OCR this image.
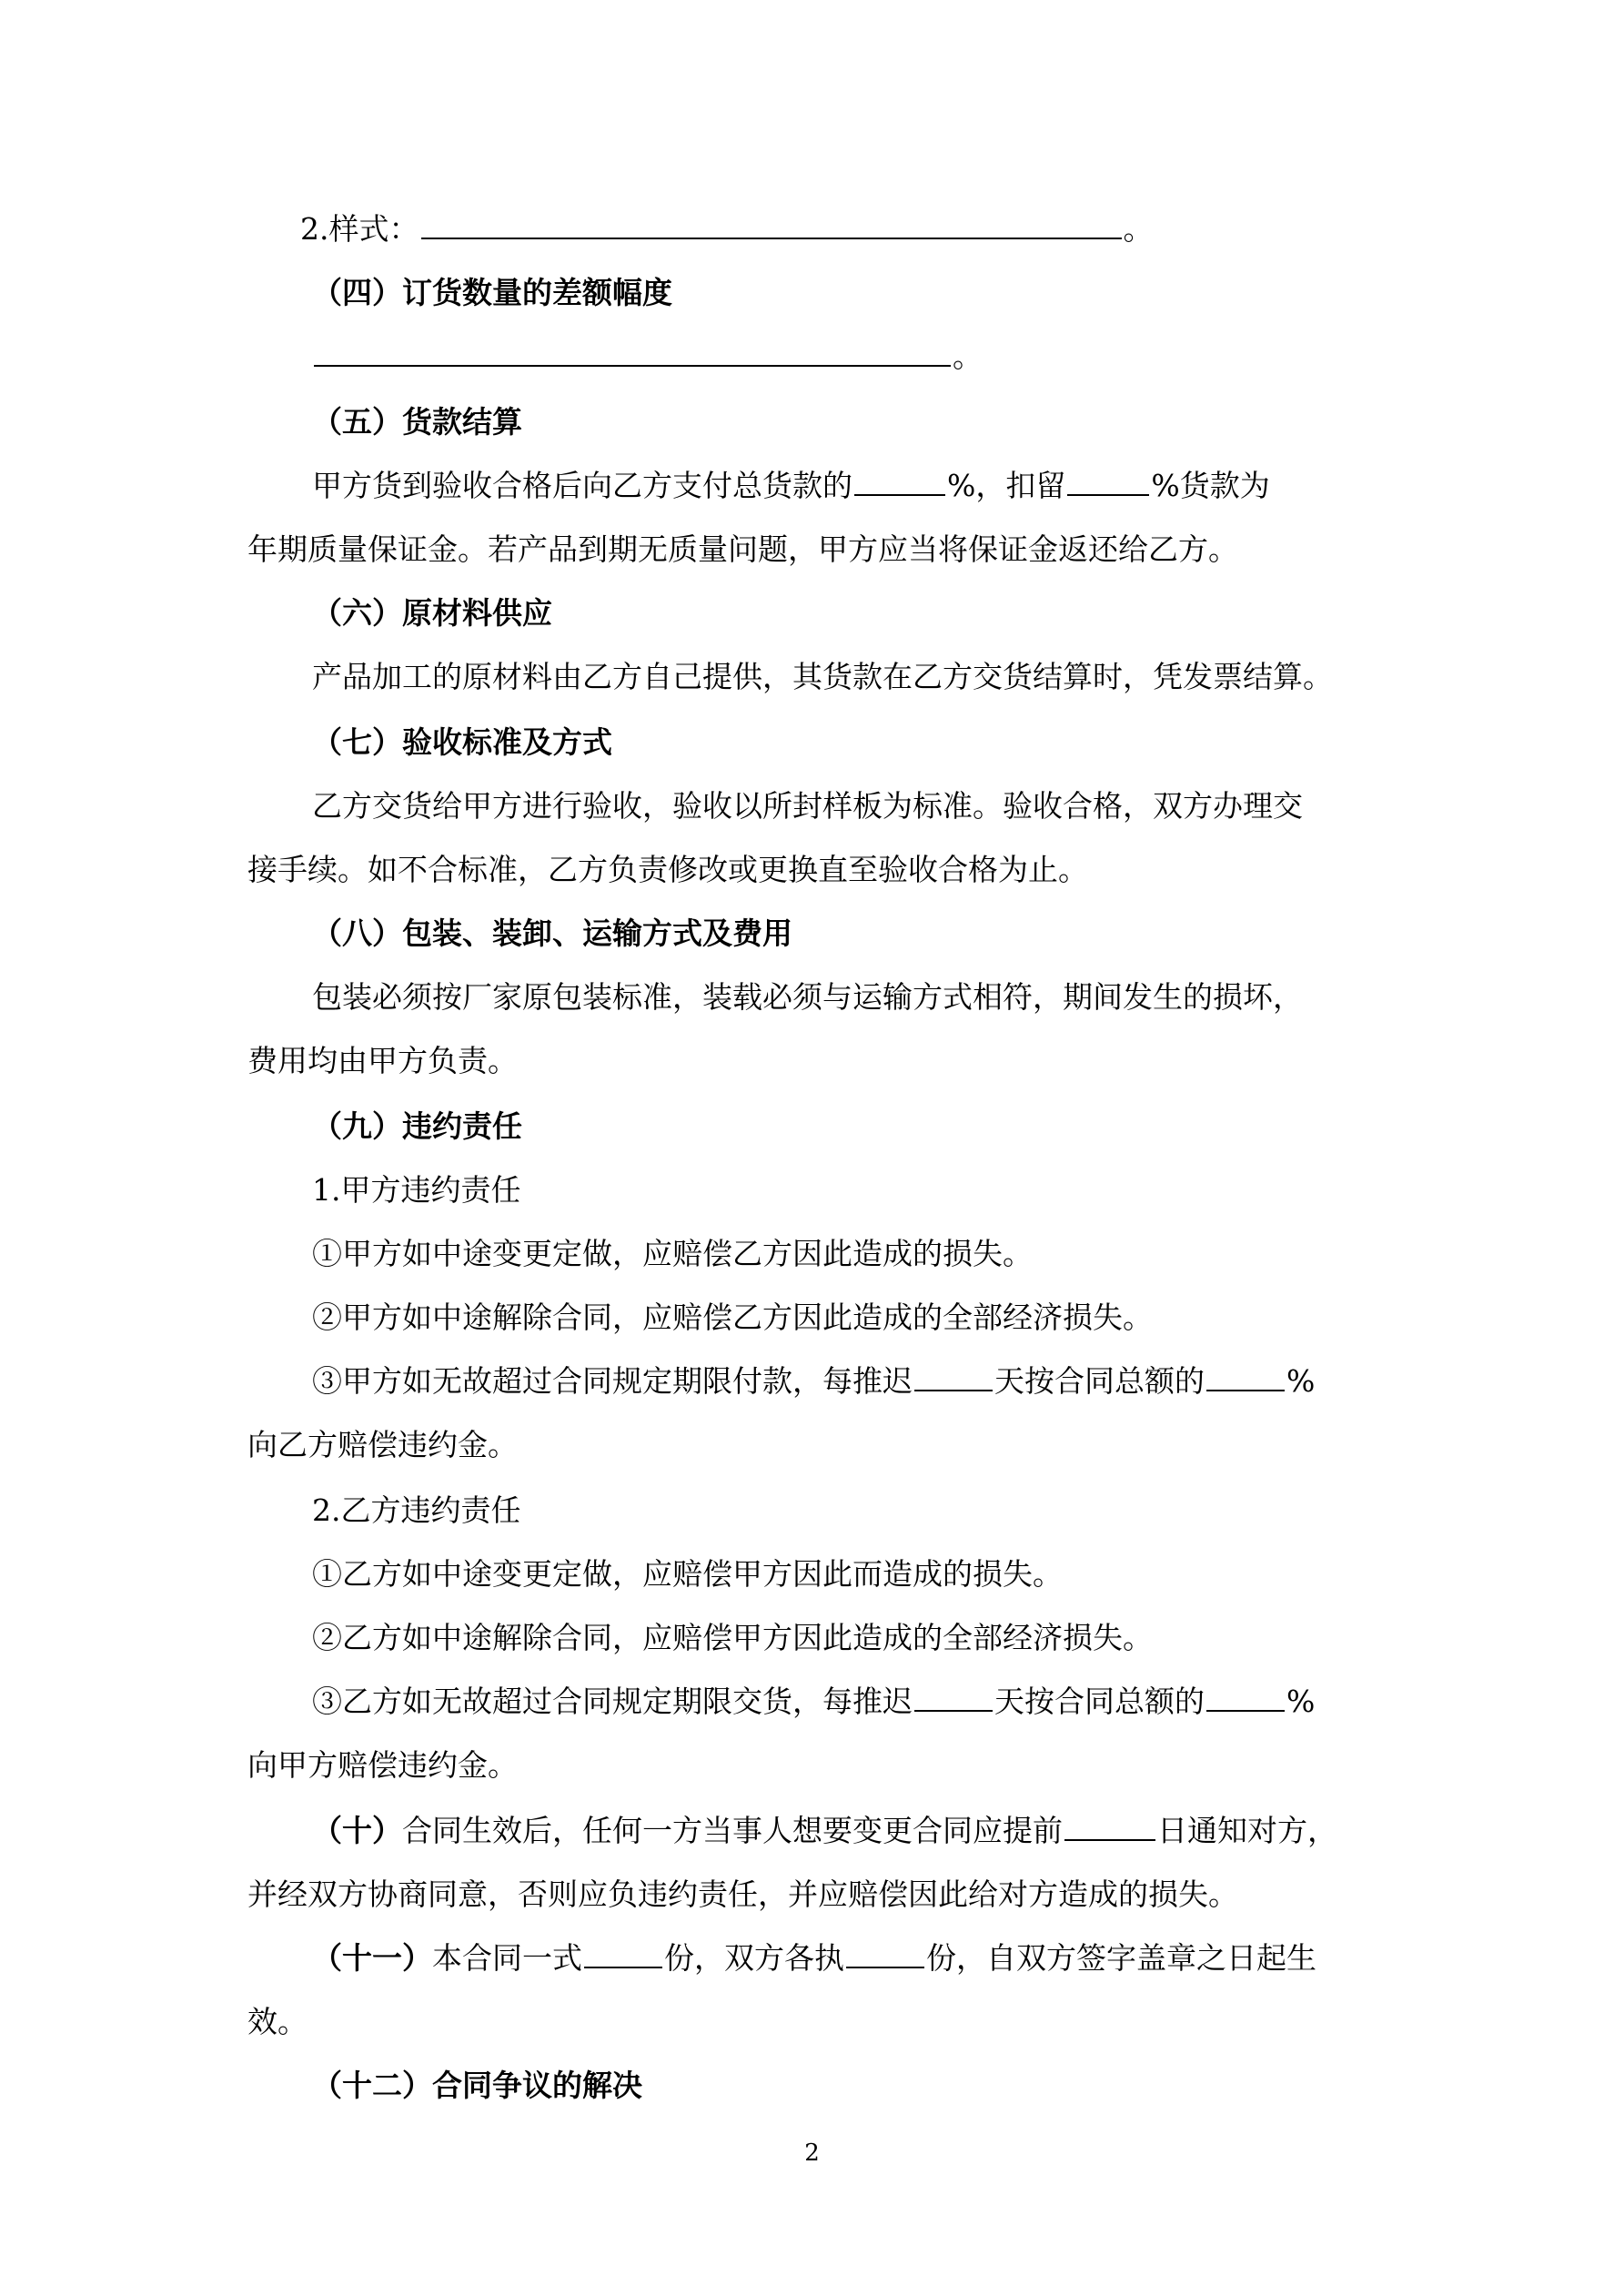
2.样式：	。

（四）订货数量的差额幅度

。

（五）货款结算

甲方货到验收合格后向乙方支付总货款的	%，扣留	%货款为

年期质量保证金。若产品到期无质量问题，甲方应当将保证金返还给乙方。

（六）原材料供应

产品加工的原材料由乙方自己提供，其货款在乙方交货结算时，凭发票结算。

（七）验收标准及方式

乙方交货给甲方进行验收，验收以所封样板为标准。验收合格，双方办理交

接手续。如不合标准，乙方负责修改或更换直至验收合格为止。

（八）包装、装卸、运输方式及费用

包装必须按厂家原包装标准，装载必须与运输方式相符，期间发生的损坏，

费用均由甲方负责。

（九）违约责任

1.甲方违约责任

①甲方如中途变更定做，应赔偿乙方因此造成的损失。

②甲方如中途解除合同，应赔偿乙方因此造成的全部经济损失。

③甲方如无故超过合同规定期限付款，每推迟	天按合同总额的	%

向乙方赔偿违约金。

2.乙方违约责任

①乙方如中途变更定做，应赔偿甲方因此而造成的损失。

②乙方如中途解除合同，应赔偿甲方因此造成的全部经济损失。

③乙方如无故超过合同规定期限交货，每推迟	天按合同总额的	%

向甲方赔偿违约金。

（十）合同生效后，任何一方当事人想要变更合同应提前	日通知对方，

并经双方协商同意，否则应负违约责任，并应赔偿因此给对方造成的损失。

（十一）本合同一式	份，双方各执	份，自双方签字盖章之日起生

效。

（十二）合同争议的解决

2
